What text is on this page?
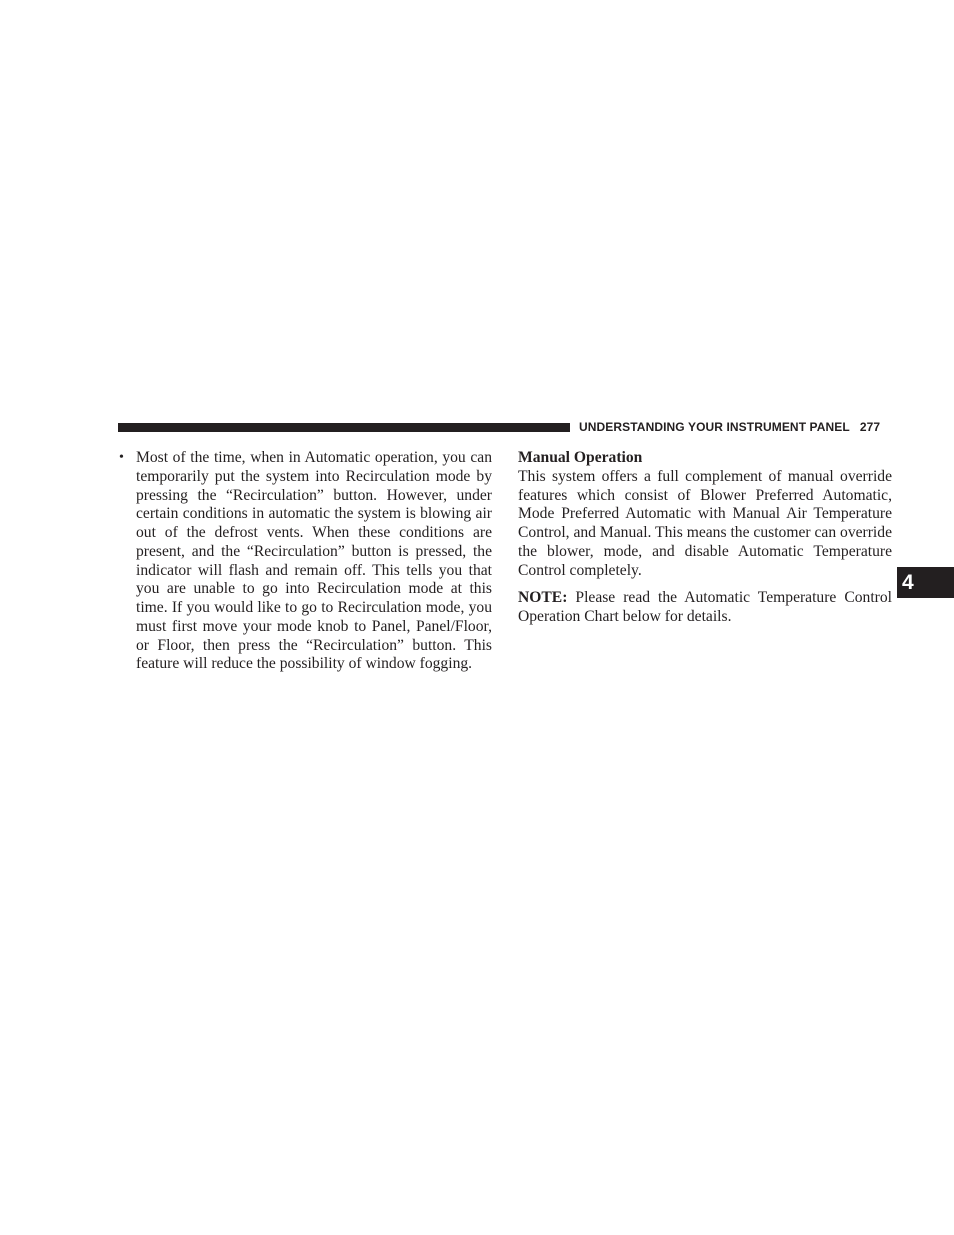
UNDERSTANDING YOUR INSTRUMENT PANEL 277
• Most of the time, when in Automatic operation, you can temporarily put the system into Recirculation mode by pressing the “Recirculation” button. However, under certain conditions in automatic the system is blowing air out of the defrost vents. When these conditions are present, and the “Recirculation” button is pressed, the indicator will flash and remain off. This tells you that you are unable to go into Recirculation mode at this time. If you would like to go to Recirculation mode, you must first move your mode knob to Panel, Panel/Floor, or Floor, then press the “Recirculation” button. This feature will reduce the possibility of window fogging.

Manual Operation

This system offers a full complement of manual override features which consist of Blower Preferred Automatic, Mode Preferred Automatic with Manual Air Temperature Control, and Manual. This means the customer can override the blower, mode, and disable Automatic Temperature Control completely.

NOTE: Please read the Automatic Temperature Control Operation Chart below for details.

4
